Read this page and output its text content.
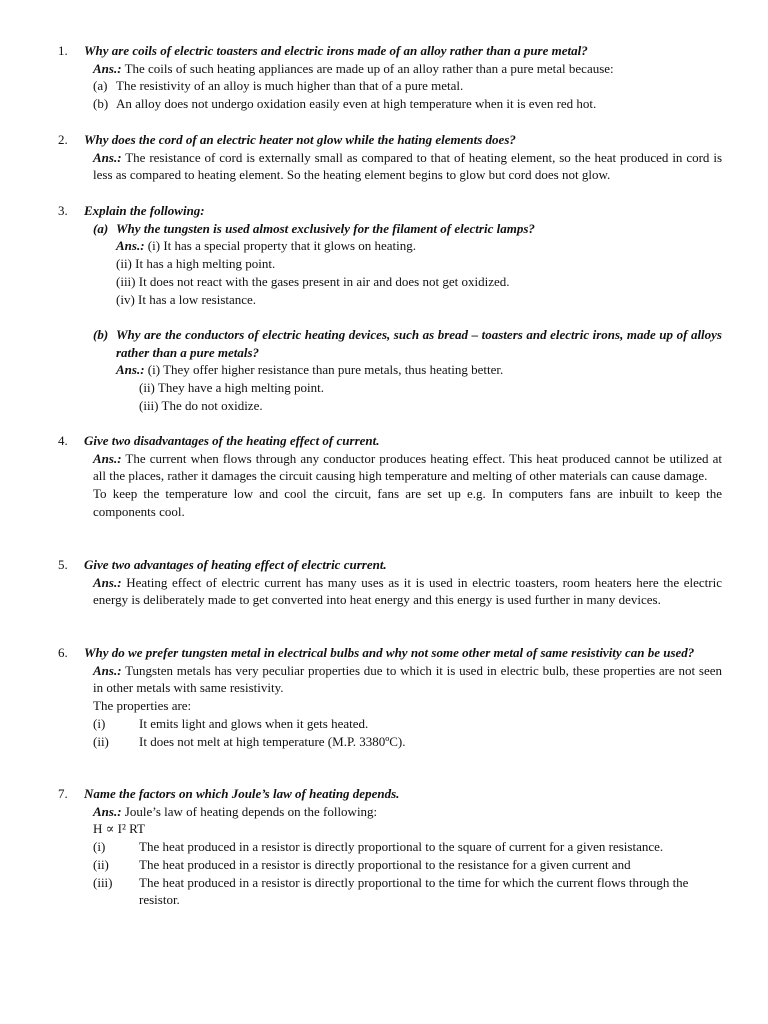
1.	Why are coils of electric toasters and electric irons made of an alloy rather than a pure metal?
Ans.: The coils of such heating appliances are made up of an alloy rather than a pure metal because:
(a) The resistivity of an alloy is much higher than that of a pure metal.
(b) An alloy does not undergo oxidation easily even at high temperature when it is even red hot.
2.	Why does the cord of an electric heater not glow while the hating elements does?
Ans.: The resistance of cord is externally small as compared to that of heating element, so the heat produced in cord is less as compared to heating element. So the heating element begins to glow but cord does not glow.
3.	Explain the following:
(a) Why the tungsten is used almost exclusively for the filament of electric lamps?
Ans.: (i) It has a special property that it glows on heating.
(ii) It has a high melting point.
(iii) It does not react with the gases present in air and does not get oxidized.
(iv) It has a low resistance.
(b) Why are the conductors of electric heating devices, such as bread – toasters and electric irons, made up of alloys rather than a pure metals?
Ans.: (i) They offer higher resistance than pure metals, thus heating better.
(ii) They have a high melting point.
(iii) The do not oxidize.
4.	Give two disadvantages of the heating effect of current.
Ans.: The current when flows through any conductor produces heating effect. This heat produced cannot be utilized at all the places, rather it damages the circuit causing high temperature and melting of other materials can cause damage.
To keep the temperature low and cool the circuit, fans are set up e.g. In computers fans are inbuilt to keep the components cool.
5.	Give two advantages of heating effect of electric current.
Ans.: Heating effect of electric current has many uses as it is used in electric toasters, room heaters here the electric energy is deliberately made to get converted into heat energy and this energy is used further in many devices.
6.	Why do we prefer tungsten metal in electrical bulbs and why not some other metal of same resistivity can be used?
Ans.: Tungsten metals has very peculiar properties due to which it is used in electric bulb, these properties are not seen in other metals with same resistivity.
The properties are:
(i)	It emits light and glows when it gets heated.
(ii) It does not melt at high temperature (M.P. 3380ºC).
7.	Name the factors on which Joule’s law of heating depends.
Ans.: Joule’s law of heating depends on the following:
H ∝ I² RT
(i)	The heat produced in a resistor is directly proportional to the square of current for a given resistance.
(ii) The heat produced in a resistor is directly proportional to the resistance for a given current and
(iii) The heat produced in a resistor is directly proportional to the time for which the current flows through the resistor.
